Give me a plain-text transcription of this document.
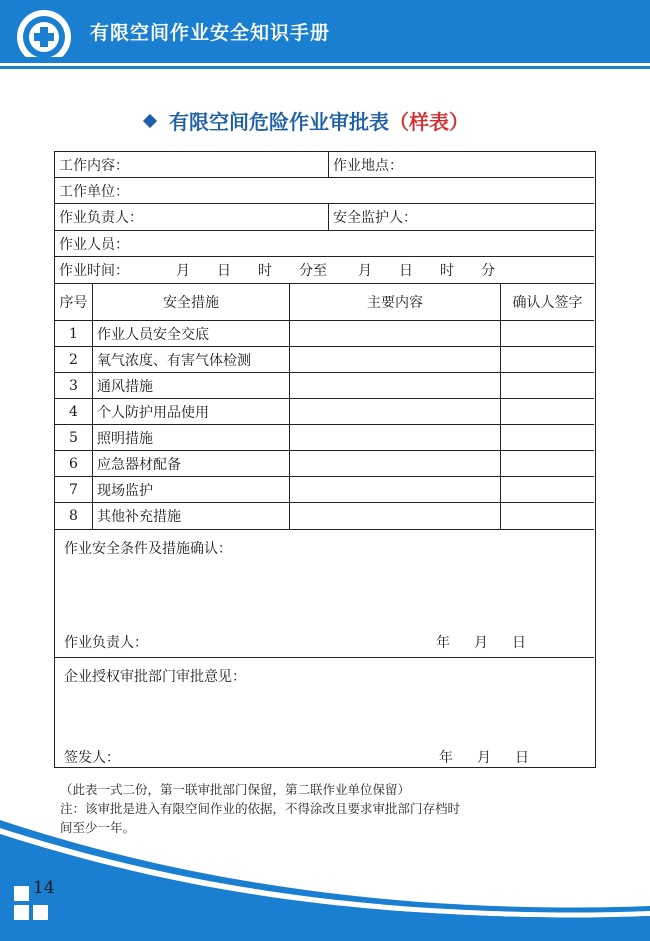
有限空间作业安全知识手册
有限空间危险作业审批表（样表）
工作内容：	作业地点：
工作单位：
作业负责人：	安全监护人：
作业人员：
作业时间：	月 日 时 分至 月 日 时 分
序号	安全措施	主要内容	确认人签字
1 作业人员安全交底
2 氧气浓度、有害气体检测
3 通风措施
4 个人防护用品使用
5 照明措施
6 应急器材配备
7 现场监护
8 其他补充措施
作业安全条件及措施确认：
作业负责人：	年 月 日
企业授权审批部门审批意见：
签发人：	年 月 日
（此表一式二份，第一联审批部门保留，第二联作业单位保留）
注：该审批是进入有限空间作业的依据，不得涂改且要求审批部门存档时
间至少一年。
14
